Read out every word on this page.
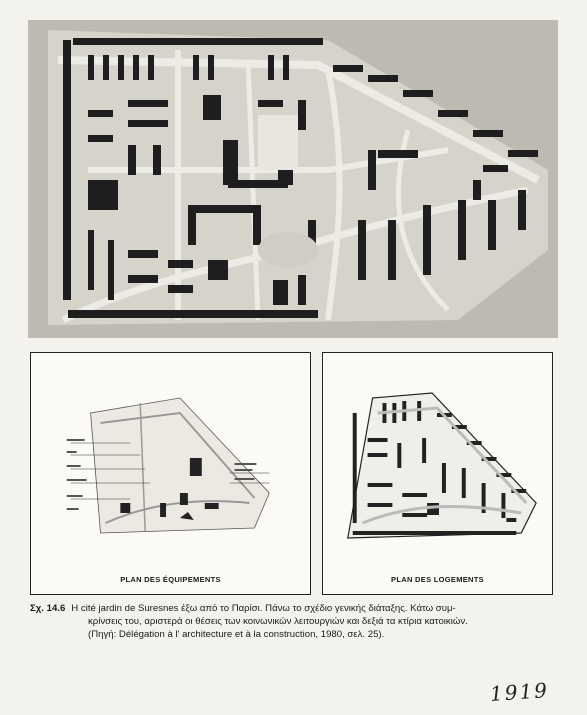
PLAN DES ÉQUIPEMENTS	PLAN DES LOGEMENTS
Σχ. 14.6 Η cité jardin de Suresnes έξω από το Παρίσι. Πάνω το σχέδιο γενικής διάταξης. Κάτω συμ-
κρίνσεις του, αριστερά οι θέσεις των κοινωνικών λειτουργιών και δεξιά τα κτίρια κατοικιών.
(Πηγή: Délégation à l' architecture et à la construction, 1980, σελ. 25).
1919
